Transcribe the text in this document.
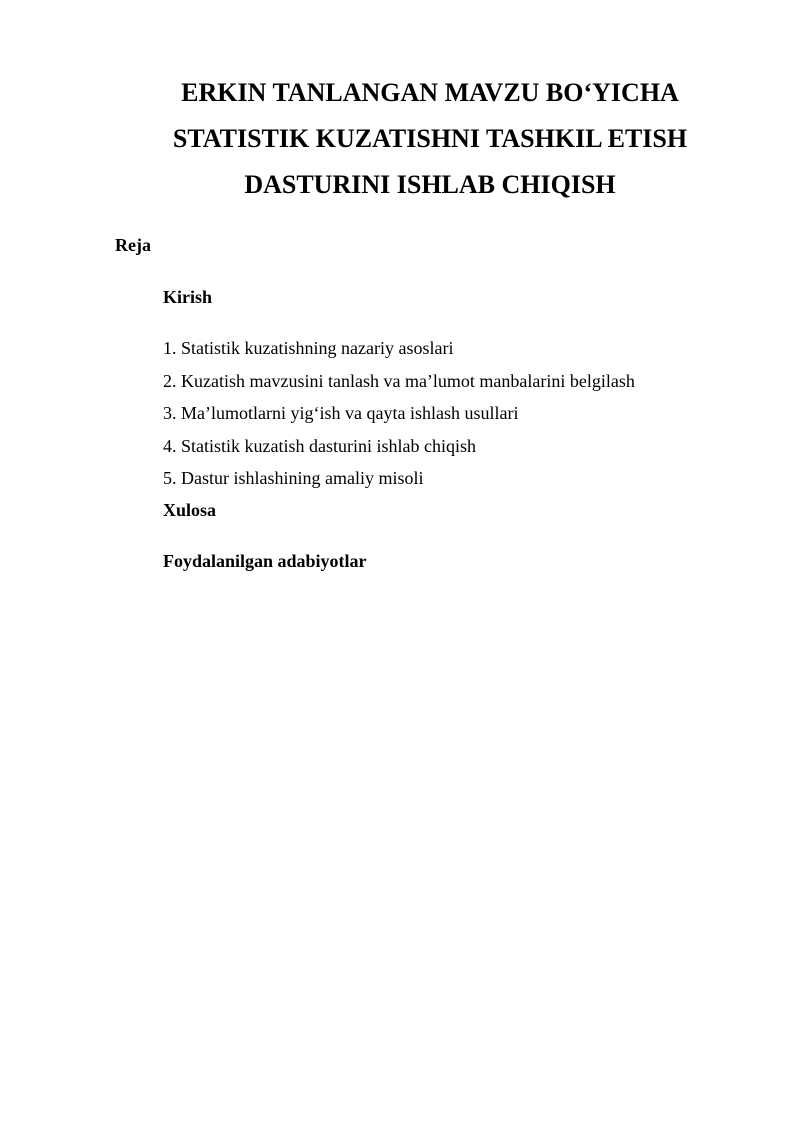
ERKIN TANLANGAN MAVZU BO‘YICHA
STATISTIK KUZATISHNI TASHKIL ETISH
DASTURINI ISHLAB CHIQISH
Reja
Kirish
1. Statistik kuzatishning nazariy asoslari
2. Kuzatish mavzusini tanlash va ma’lumot manbalarini belgilash
3. Ma’lumotlarni yig‘ish va qayta ishlash usullari
4. Statistik kuzatish dasturini ishlab chiqish
5. Dastur ishlashining amaliy misoli
Xulosa
Foydalanilgan adabiyotlar
